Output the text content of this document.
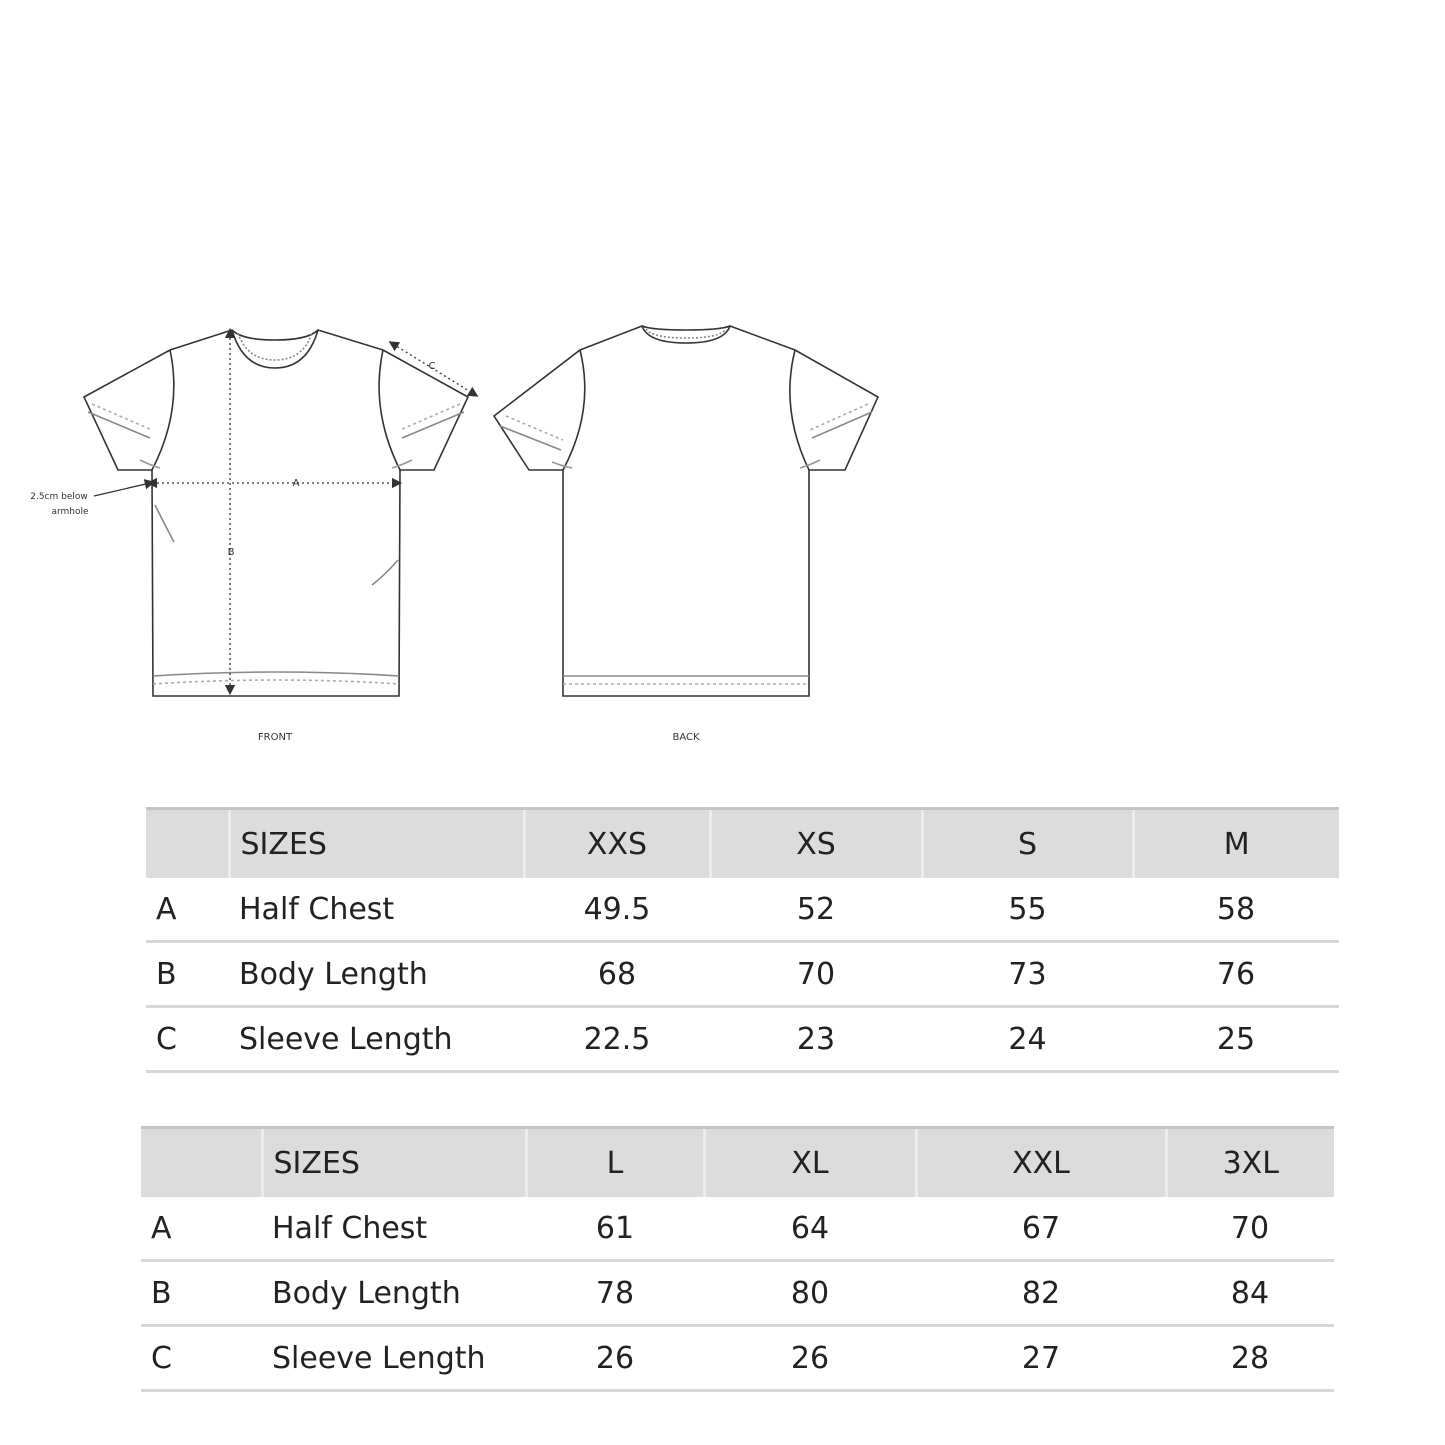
A
B
C
2.5cm below
armhole
FRONT	BACK
	SIZES	XXS	XS	S	M
A	Half Chest	49.5	52	55	58
B	Body Length	68	70	73	76
C	Sleeve Length	22.5	23	24	25
	SIZES	L	XL	XXL	3XL
A	Half Chest	61	64	67	70
B	Body Length	78	80	82	84
C	Sleeve Length	26	26	27	28
